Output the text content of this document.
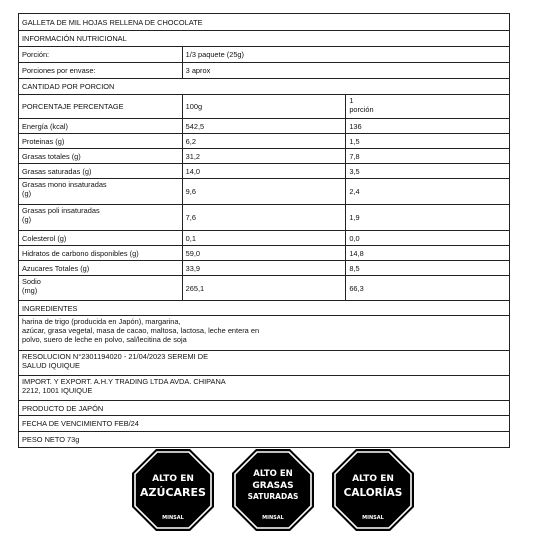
GALLETA DE MIL HOJAS RELLENA DE CHOCOLATE		
INFORMACIÓN NUTRICIONAL		
Porción:	1/3 paquete (25g)	
Porciones por envase:	3 aprox	
CANTIDAD POR PORCION		
PORCENTAJE PERCENTAGE	100g	1
porción
Energía (kcal)	542,5	136
Proteinas (g)	6,2	1,5
Grasas totales (g)	31,2	7,8
Grasas saturadas (g)	14,0	3,5
Grasas mono insaturadas
(g)	9,6	2,4
Grasas poli insaturadas
(g)	7,6	1,9
Colesterol (g)	0,1	0,0
Hidratos de carbono disponibles (g)	59,0	14,8
Azucares Totales (g)	33,9	8,5
Sodio
(mg)	265,1	66,3
INGREDIENTES		
harina de trigo (producida en Japón), margarina,
azúcar, grasa vegetal, masa de cacao, maltosa, lactosa, leche entera en
polvo, suero de leche en polvo, sal/lecitina de soja		
RESOLUCION N°2301194020 - 21/04/2023 SEREMI DE
SALUD IQUIQUE		
IMPORT. Y EXPORT. A.H.Y TRADING LTDA AVDA. CHIPANA
2212, 1001 IQUIQUE		
PRODUCTO DE JAPÓN		
FECHA DE VENCIMIENTO FEB/24		
PESO NETO 73g		
ALTO EN
AZÚCARES
MINSAL
ALTO EN
GRASAS
SATURADAS
MINSAL
ALTO EN
CALORÍAS
MINSAL
